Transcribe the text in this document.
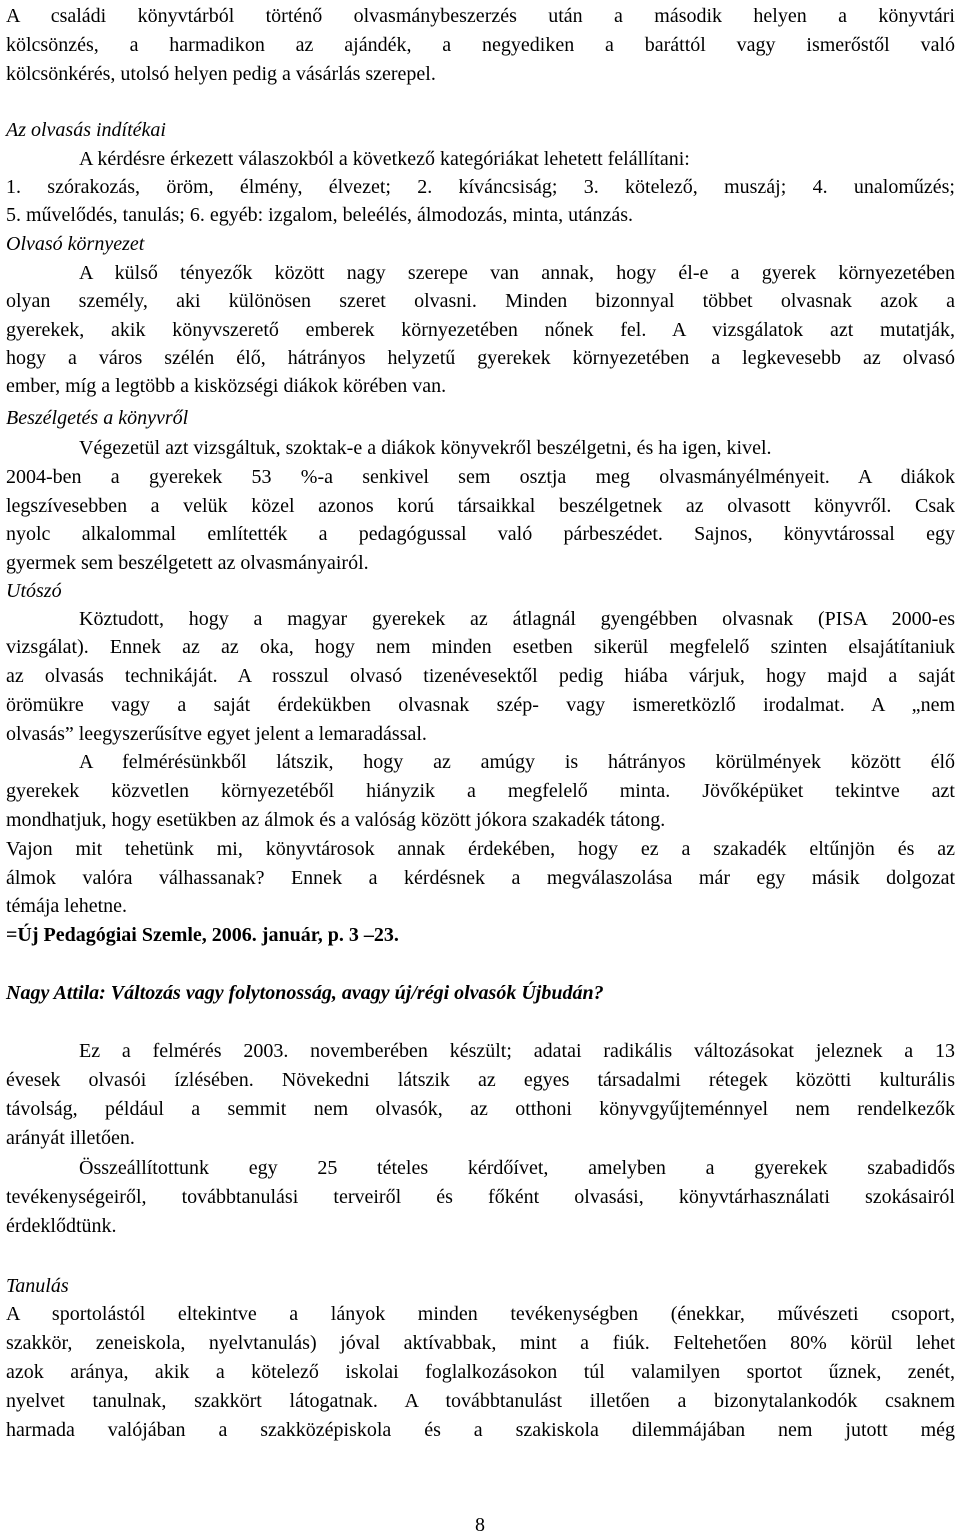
A családi könyvtárból történő olvasmánybeszerzés után a második helyen a könyvtári
kölcsönzés, a harmadikon az ajándék, a negyediken a baráttól vagy ismerőstől való
kölcsönkérés, utolsó helyen pedig a vásárlás szerepel.
Az olvasás indítékai
A kérdésre érkezett válaszokból a következő kategóriákat lehetett felállítani:
1. szórakozás, öröm, élmény, élvezet; 2. kíváncsiság; 3. kötelező, muszáj; 4. unaloműzés;
5. művelődés, tanulás; 6. egyéb: izgalom, beleélés, álmodozás, minta, utánzás.
Olvasó környezet
A külső tényezők között nagy szerepe van annak, hogy él-e a gyerek környezetében
olyan személy, aki különösen szeret olvasni. Minden bizonnyal többet olvasnak azok a
gyerekek, akik könyvszerető emberek környezetében nőnek fel. A vizsgálatok azt mutatják,
hogy a város szélén élő, hátrányos helyzetű gyerekek környezetében a legkevesebb az olvasó
ember, míg a legtöbb a kisközségi diákok körében van.
Beszélgetés a könyvről
Végezetül azt vizsgáltuk, szoktak-e a diákok könyvekről beszélgetni, és ha igen, kivel.
2004-ben a gyerekek 53 %-a senkivel sem osztja meg olvasmányélményeit. A diákok
legszívesebben a velük közel azonos korú társaikkal beszélgetnek az olvasott könyvről. Csak
nyolc alkalommal említették a pedagógussal való párbeszédet. Sajnos, könyvtárossal egy
gyermek sem beszélgetett az olvasmányairól.
Utószó
Köztudott, hogy a magyar gyerekek az átlagnál gyengébben olvasnak (PISA 2000-es
vizsgálat). Ennek az az oka, hogy nem minden esetben sikerül megfelelő szinten elsajátítaniuk
az olvasás technikáját. A rosszul olvasó tizenévesektől pedig hiába várjuk, hogy majd a saját
örömükre vagy a saját érdekükben olvasnak szép- vagy ismeretközlő irodalmat. A „nem
olvasás” leegyszerűsítve egyet jelent a lemaradással.
A felmérésünkből látszik, hogy az amúgy is hátrányos körülmények között élő
gyerekek közvetlen környezetéből hiányzik a megfelelő minta. Jövőképüket tekintve azt
mondhatjuk, hogy esetükben az álmok és a valóság között jókora szakadék tátong.
Vajon mit tehetünk mi, könyvtárosok annak érdekében, hogy ez a szakadék eltűnjön és az
álmok valóra válhassanak? Ennek a kérdésnek a megválaszolása már egy másik dolgozat
témája lehetne.
=Új Pedagógiai Szemle, 2006. január, p. 3 –23.
Nagy Attila: Változás vagy folytonosság, avagy új/régi olvasók Újbudán?
Ez a felmérés 2003. novemberében készült; adatai radikális változásokat jeleznek a 13
évesek olvasói ízlésében. Növekedni látszik az egyes társadalmi rétegek közötti kulturális
távolság, például a semmit nem olvasók, az otthoni könyvgyűjteménnyel nem rendelkezők
arányát illetően.
Összeállítottunk egy 25 tételes kérdőívet, amelyben a gyerekek szabadidős
tevékenységeiről, továbbtanulási terveiről és főként olvasási, könyvtárhasználati szokásairól
érdeklődtünk.
Tanulás
A sportolástól eltekintve a lányok minden tevékenységben (énekkar, művészeti csoport,
szakkör, zeneiskola, nyelvtanulás) jóval aktívabbak, mint a fiúk. Feltehetően 80% körül lehet
azok aránya, akik a kötelező iskolai foglalkozásokon túl valamilyen sportot űznek, zenét,
nyelvet tanulnak, szakkört látogatnak. A továbbtanulást illetően a bizonytalankodók csaknem
harmada valójában a szakközépiskola és a szakiskola dilemmájában nem jutott még
8
